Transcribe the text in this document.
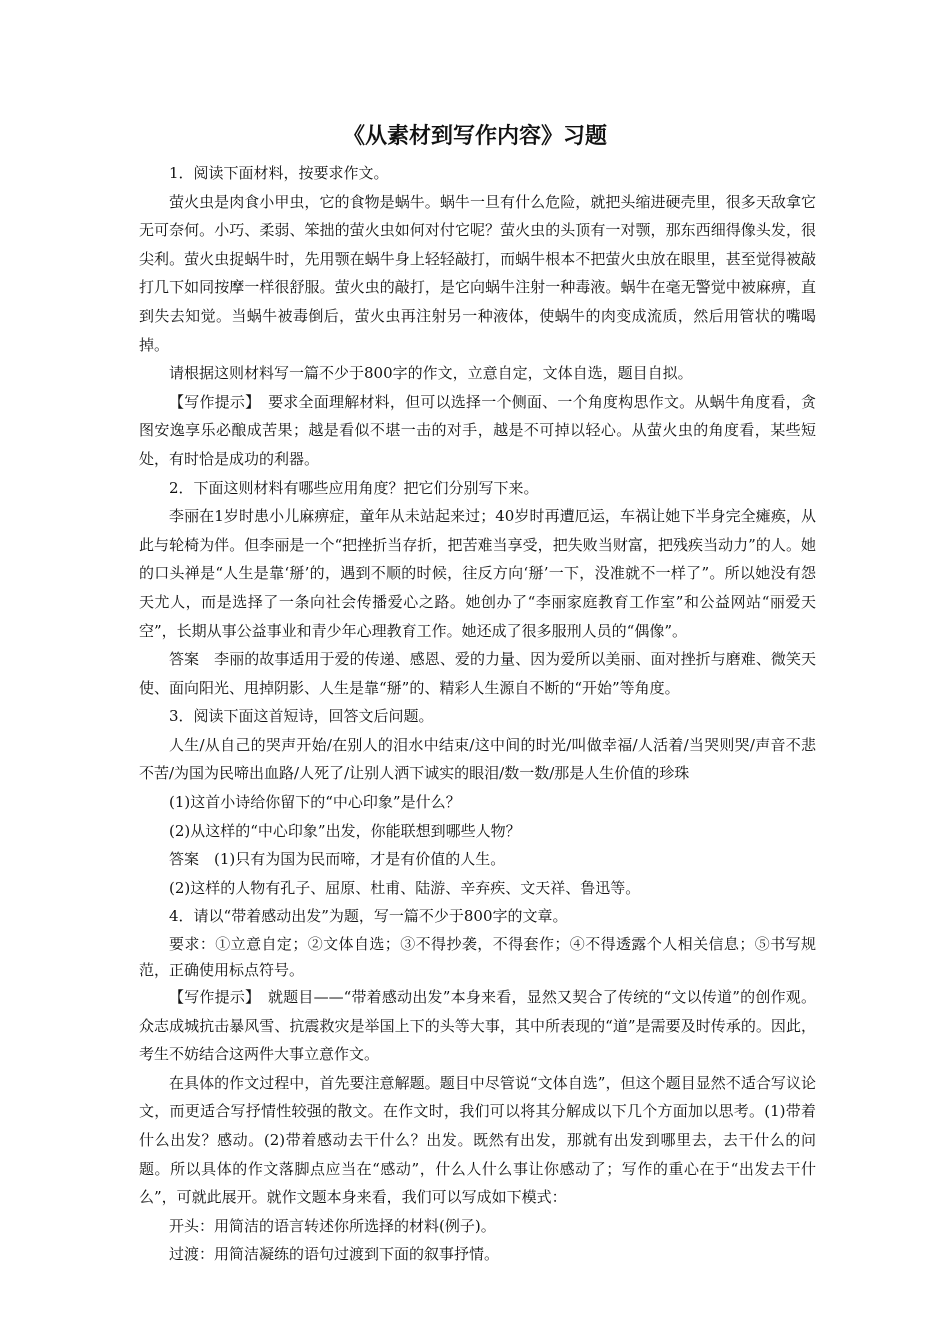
《从素材到写作内容》习题

1．阅读下面材料，按要求作文。

萤火虫是肉食小甲虫，它的食物是蜗牛。蜗牛一旦有什么危险，就把头缩进硬壳里，很多天敌拿它无可奈何。小巧、柔弱、笨拙的萤火虫如何对付它呢？萤火虫的头顶有一对颚，那东西细得像头发，很尖利。萤火虫捉蜗牛时，先用颚在蜗牛身上轻轻敲打，而蜗牛根本不把萤火虫放在眼里，甚至觉得被敲打几下如同按摩一样很舒服。萤火虫的敲打，是它向蜗牛注射一种毒液。蜗牛在毫无警觉中被麻痹，直到失去知觉。当蜗牛被毒倒后，萤火虫再注射另一种液体，使蜗牛的肉变成流质，然后用管状的嘴喝掉。

请根据这则材料写一篇不少于800字的作文，立意自定，文体自选，题目自拟。

【写作提示】　要求全面理解材料，但可以选择一个侧面、一个角度构思作文。从蜗牛角度看，贪图安逸享乐必酿成苦果；越是看似不堪一击的对手，越是不可掉以轻心。从萤火虫的角度看，某些短处，有时恰是成功的利器。

2．下面这则材料有哪些应用角度？把它们分别写下来。

李丽在1岁时患小儿麻痹症，童年从未站起来过；40岁时再遭厄运，车祸让她下半身完全瘫痪，从此与轮椅为伴。但李丽是一个“把挫折当存折，把苦难当享受，把失败当财富，把残疾当动力”的人。她的口头禅是“人生是靠‘掰’的，遇到不顺的时候，往反方向‘掰’一下，没准就不一样了”。所以她没有怨天尤人，而是选择了一条向社会传播爱心之路。她创办了“李丽家庭教育工作室”和公益网站“丽爱天空”，长期从事公益事业和青少年心理教育工作。她还成了很多服刑人员的“偶像”。

答案　李丽的故事适用于爱的传递、感恩、爱的力量、因为爱所以美丽、面对挫折与磨难、微笑天使、面向阳光、甩掉阴影、人生是靠“掰”的、精彩人生源自不断的“开始”等角度。

3．阅读下面这首短诗，回答文后问题。

人生/从自己的哭声开始/在别人的泪水中结束/这中间的时光/叫做幸福/人活着/当哭则哭/声音不悲不苦/为国为民啼出血路/人死了/让别人洒下诚实的眼泪/数一数/那是人生价值的珍珠

(1)这首小诗给你留下的“中心印象”是什么？

(2)从这样的“中心印象”出发，你能联想到哪些人物？

答案　(1)只有为国为民而啼，才是有价值的人生。

(2)这样的人物有孔子、屈原、杜甫、陆游、辛弃疾、文天祥、鲁迅等。

4．请以“带着感动出发”为题，写一篇不少于800字的文章。

要求：①立意自定；②文体自选；③不得抄袭，不得套作；④不得透露个人相关信息；⑤书写规范，正确使用标点符号。

【写作提示】　就题目——“带着感动出发”本身来看，显然又契合了传统的“文以传道”的创作观。众志成城抗击暴风雪、抗震救灾是举国上下的头等大事，其中所表现的“道”是需要及时传承的。因此，考生不妨结合这两件大事立意作文。

在具体的作文过程中，首先要注意解题。题目中尽管说“文体自选”，但这个题目显然不适合写议论文，而更适合写抒情性较强的散文。在作文时，我们可以将其分解成以下几个方面加以思考。(1)带着什么出发？感动。(2)带着感动去干什么？出发。既然有出发，那就有出发到哪里去，去干什么的问题。所以具体的作文落脚点应当在“感动”，什么人什么事让你感动了；写作的重心在于“出发去干什么”，可就此展开。就作文题本身来看，我们可以写成如下模式：

开头：用简洁的语言转述你所选择的材料(例子)。

过渡：用简洁凝练的语句过渡到下面的叙事抒情。
